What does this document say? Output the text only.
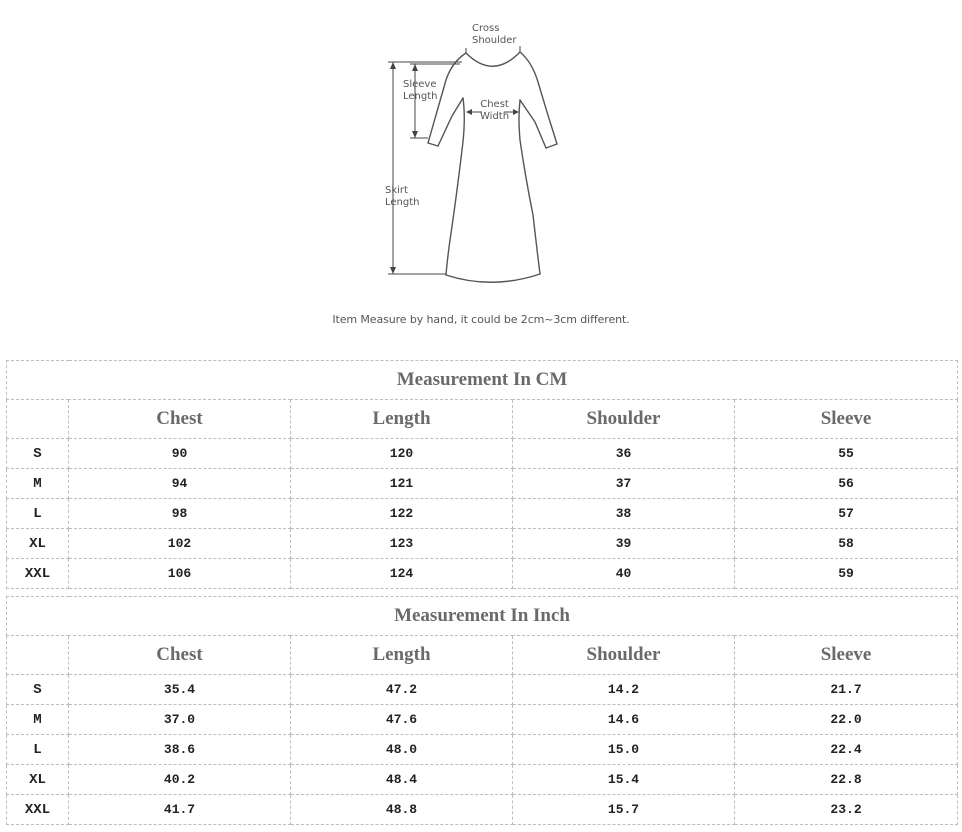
Cross
Shoulder
Sleeve
Length
Chest
Width
Skirt
Length
Item Measure by hand, it could be 2cm~3cm different.
Measurement In CM				
	Chest	Length	Shoulder	Sleeve
S	90	120	36	55
M	94	121	37	56
L	98	122	38	57
XL	102	123	39	58
XXL	106	124	40	59
Measurement In Inch				
	Chest	Length	Shoulder	Sleeve
S	35.4	47.2	14.2	21.7
M	37.0	47.6	14.6	22.0
L	38.6	48.0	15.0	22.4
XL	40.2	48.4	15.4	22.8
XXL	41.7	48.8	15.7	23.2
